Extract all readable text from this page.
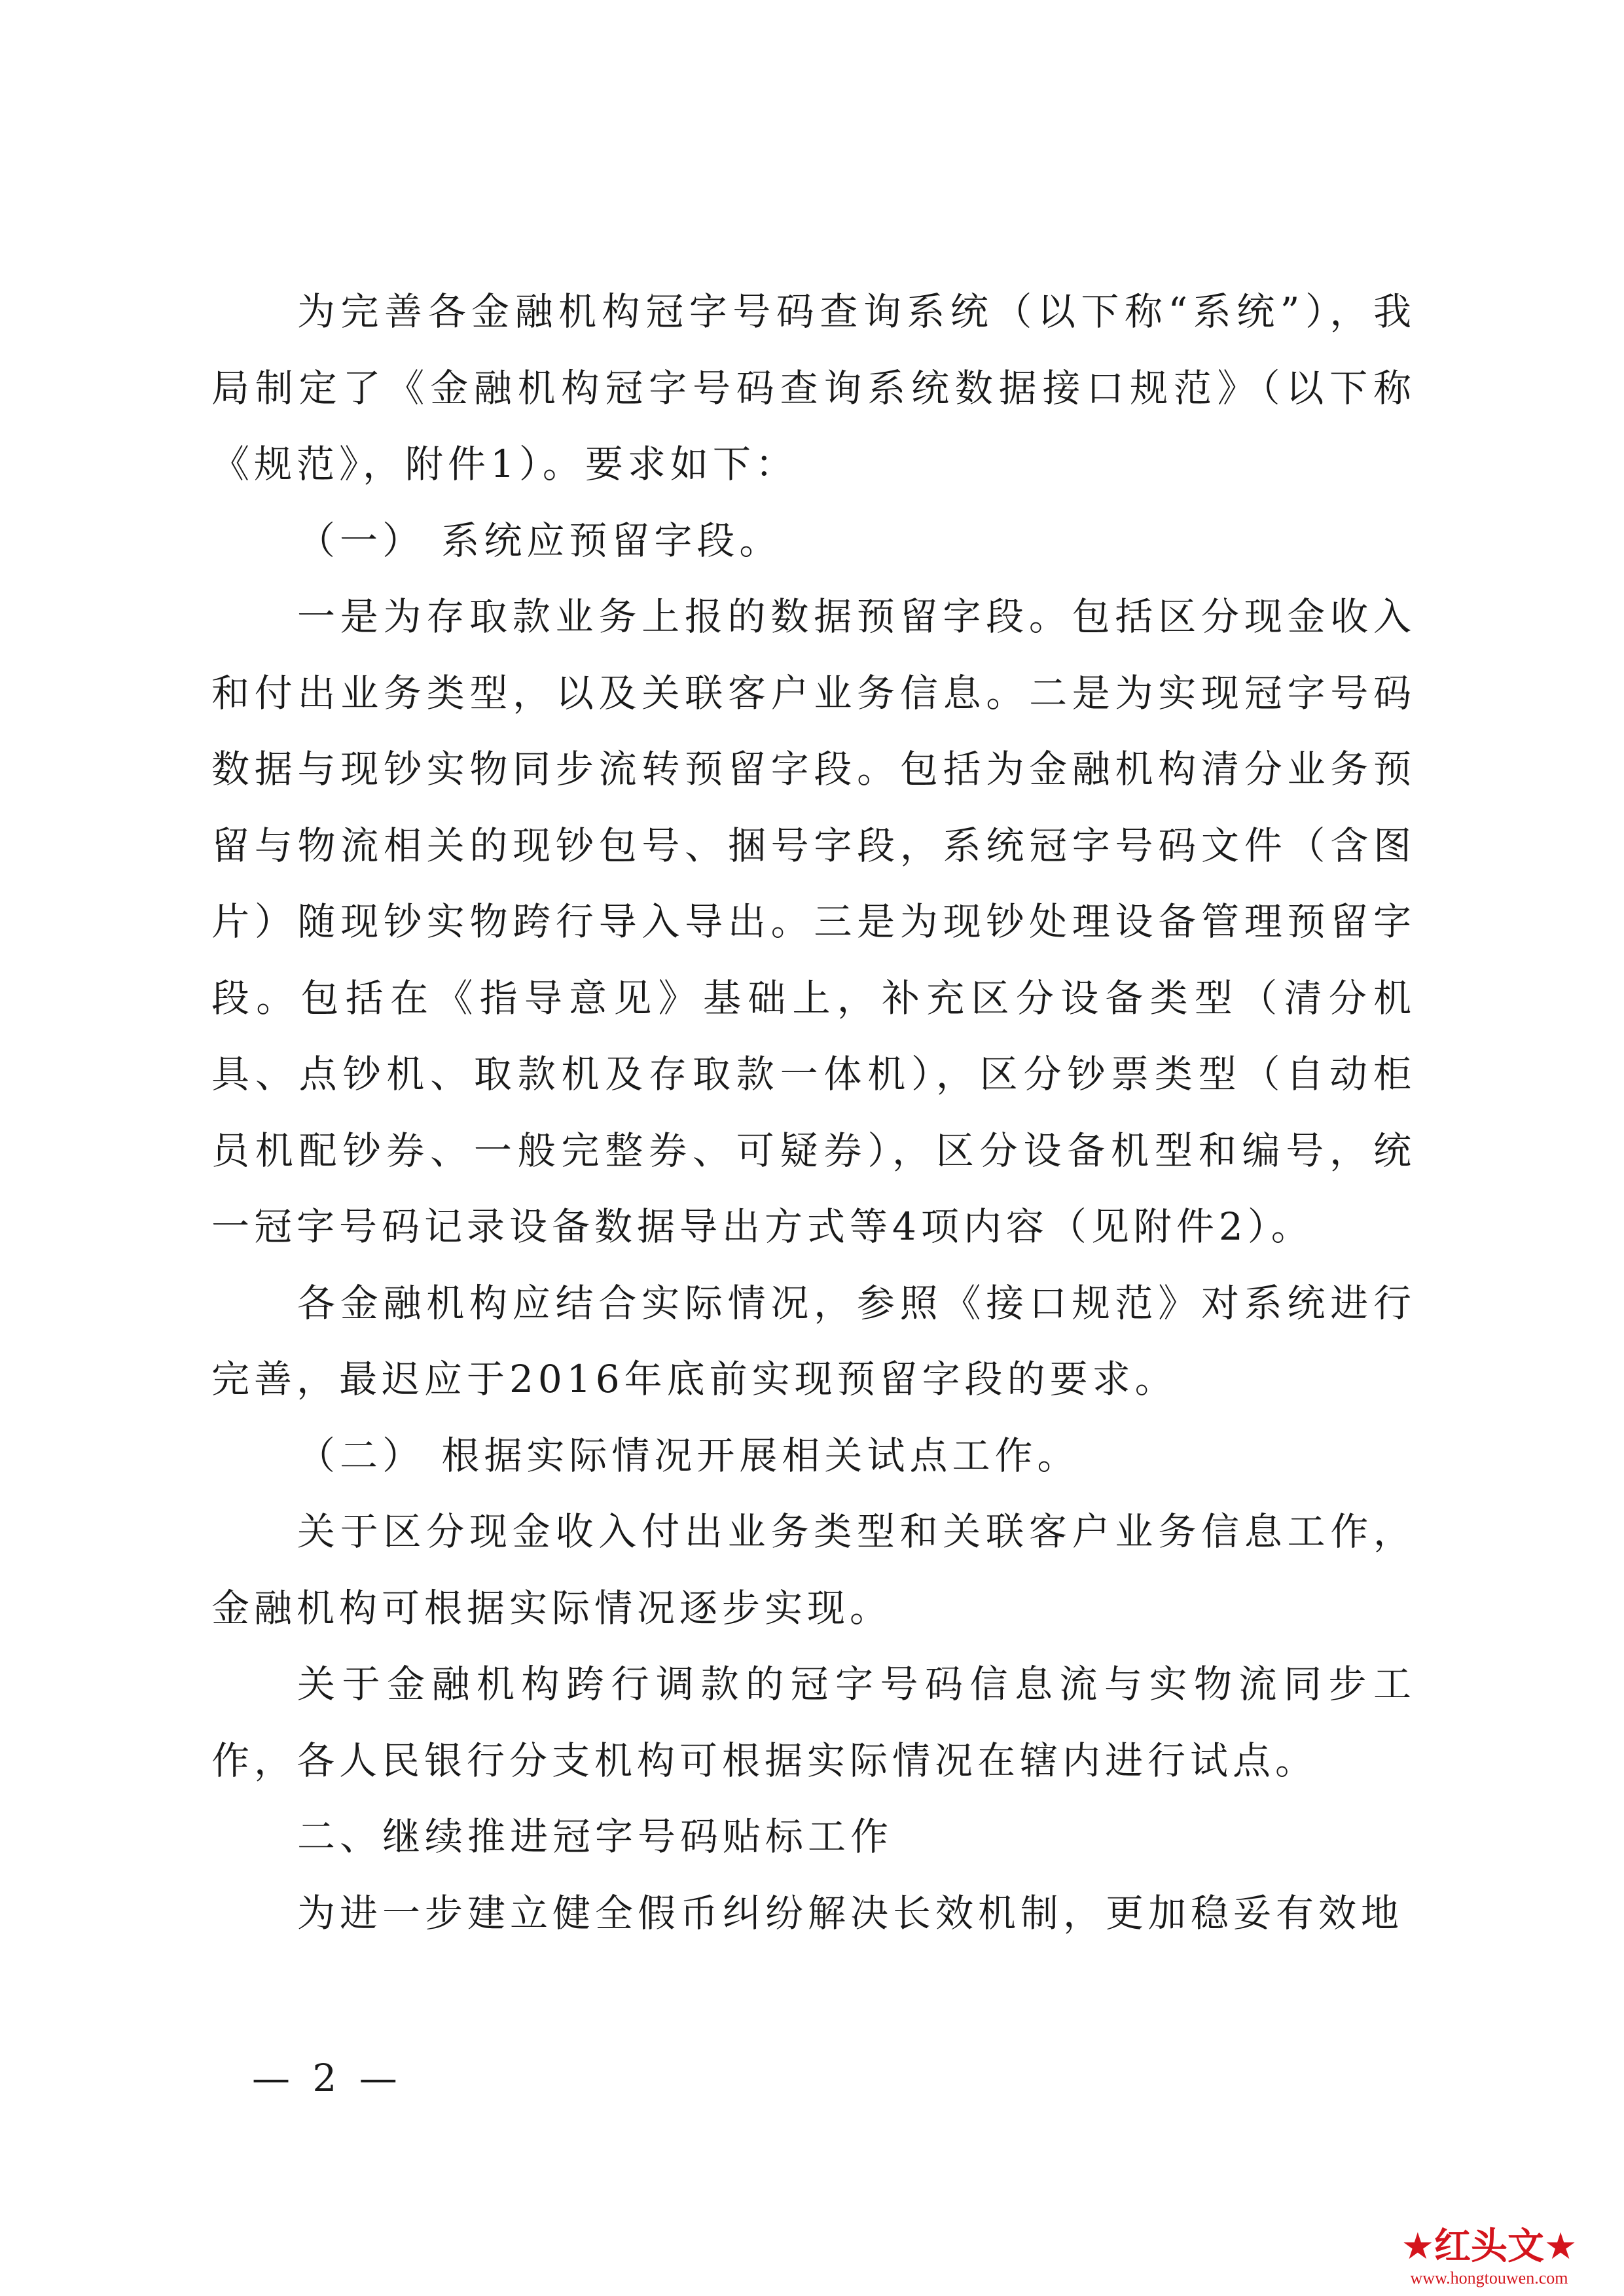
为完善各金融机构冠字号码查询系统（以下称“系统”），我局制定了《金融机构冠字号码查询系统数据接口规范》（以下称《规范》，附件1）。要求如下：

（一） 系统应预留字段。

一是为存取款业务上报的数据预留字段。包括区分现金收入和付出业务类型，以及关联客户业务信息。二是为实现冠字号码数据与现钞实物同步流转预留字段。包括为金融机构清分业务预留与物流相关的现钞包号、捆号字段，系统冠字号码文件（含图片）随现钞实物跨行导入导出。三是为现钞处理设备管理预留字段。包括在《指导意见》基础上，补充区分设备类型（清分机具、点钞机、取款机及存取款一体机），区分钞票类型（自动柜员机配钞券、一般完整券、可疑券），区分设备机型和编号，统一冠字号码记录设备数据导出方式等4项内容（见附件2）。

各金融机构应结合实际情况，参照《接口规范》对系统进行完善，最迟应于2016年底前实现预留字段的要求。

（二） 根据实际情况开展相关试点工作。

关于区分现金收入付出业务类型和关联客户业务信息工作，金融机构可根据实际情况逐步实现。

关于金融机构跨行调款的冠字号码信息流与实物流同步工作，各人民银行分支机构可根据实际情况在辖内进行试点。

二、继续推进冠字号码贴标工作

为进一步建立健全假币纠纷解决长效机制，更加稳妥有效地

— 2 —
★红头文★
www.hongtouwen.com
